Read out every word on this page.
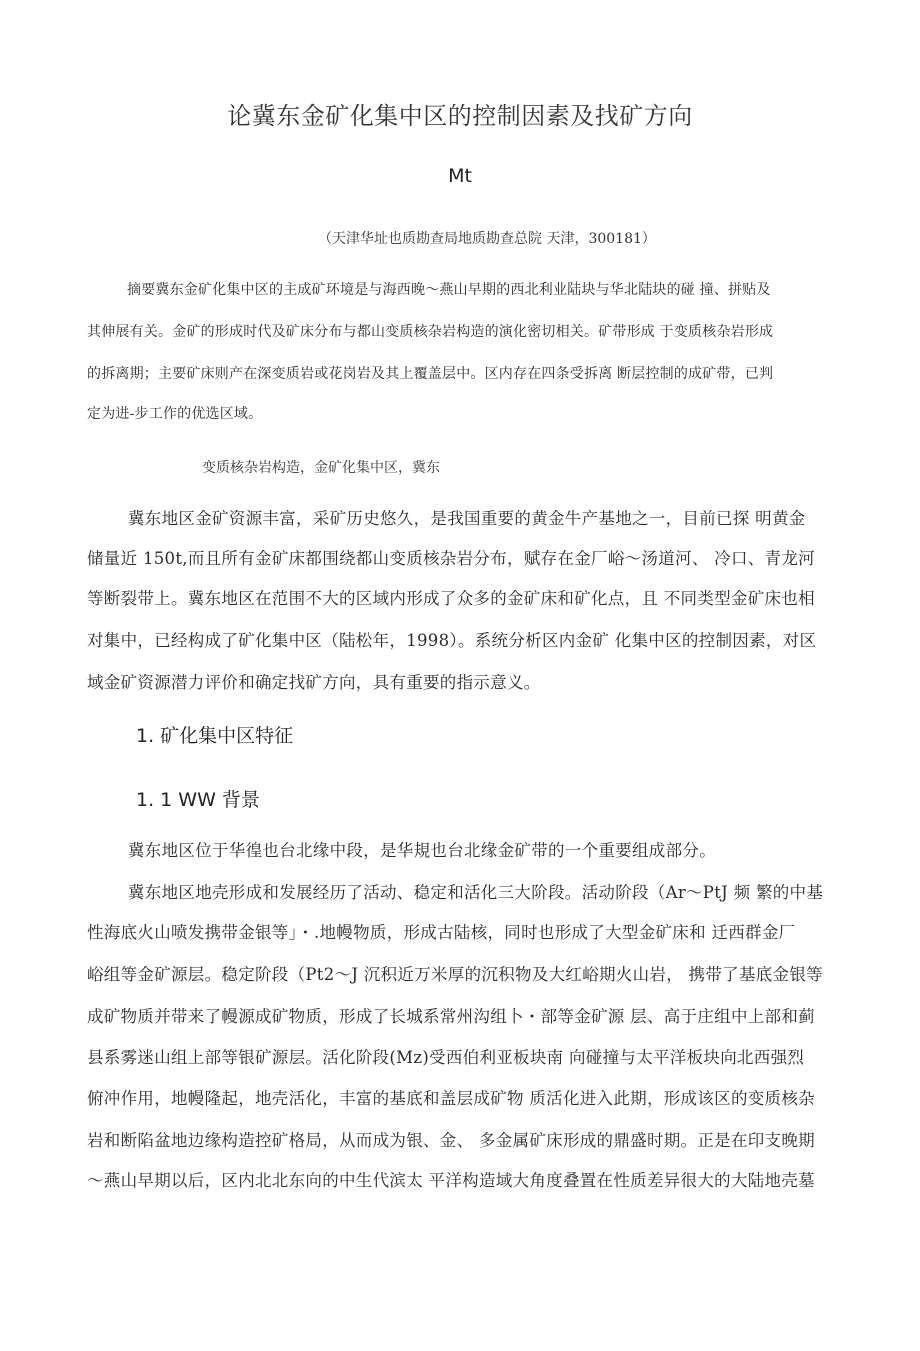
论冀东金矿化集中区的控制因素及找矿方向
Mt
（天津华址也质勘查局地质勘查总院 天津，300181）
摘要冀东金矿化集中区的主成矿环境是与海西晚～燕山早期的西北利业陆块与华北陆块的碰 撞、拼贴及
其伸展有关。金矿的形成时代及矿床分布与都山变质核杂岩构造的演化密切相关。矿带形成 于变质核杂岩形成
的拆离期；主要矿床则产在深变质岩或花岗岩及其上覆盖层中。区内存在四条受拆离 断层控制的成矿带，已判
定为进-步工作的优选区域。
变质核杂岩构造，金矿化集中区，冀东
冀东地区金矿资源丰富，采矿历史悠久，是我国重要的黄金牛产基地之一，目前已探 明黄金
储量近 150t,而且所有金矿床都围绕都山变质核杂岩分布，赋存在金厂峪～汤道河、 冷口、青龙河
等断裂带上。冀东地区在范围不大的区域内形成了众多的金矿床和矿化点，且 不同类型金矿床也相
对集中，已经构成了矿化集中区（陆松年，1998）。系统分析区内金矿 化集中区的控制因素，对区
域金矿资源潜力评价和确定找矿方向，具有重要的指示意义。
1. 矿化集中区特征
1. 1 WW 背景
冀东地区位于华徨也台北缘中段，是华規也台北缘金矿带的一个重要组成部分。
冀东地区地壳形成和发展经历了活动、稳定和活化三大阶段。活动阶段（Ar～PtJ 频 繁的中基
性海底火山喷发携带金银等」・.地幔物质，形成古陆核，同时也形成了大型金矿床和 迁西群金厂
峪组等金矿源层。稳定阶段（Pt2～J 沉积近万米厚的沉积物及大红峪期火山岩， 携带了基底金银等
成矿物质并带来了幔源成矿物质，形成了长城系常州沟组卜・部等金矿源 层、高于庄组中上部和蓟
县系雾迷山组上部等银矿源层。活化阶段(Mz)受西伯利亚板块南 向碰撞与太平洋板块向北西强烈
俯冲作用，地幔隆起，地壳活化，丰富的基底和盖层成矿物 质活化进入此期，形成该区的变质核杂
岩和断陷盆地边缘构造控矿格局，从而成为银、金、 多金属矿床形成的鼎盛时期。正是在印支晚期
～燕山早期以后，区内北北东向的中生代滨太 平洋构造域大角度叠置在性质差异很大的大陆地壳墓
